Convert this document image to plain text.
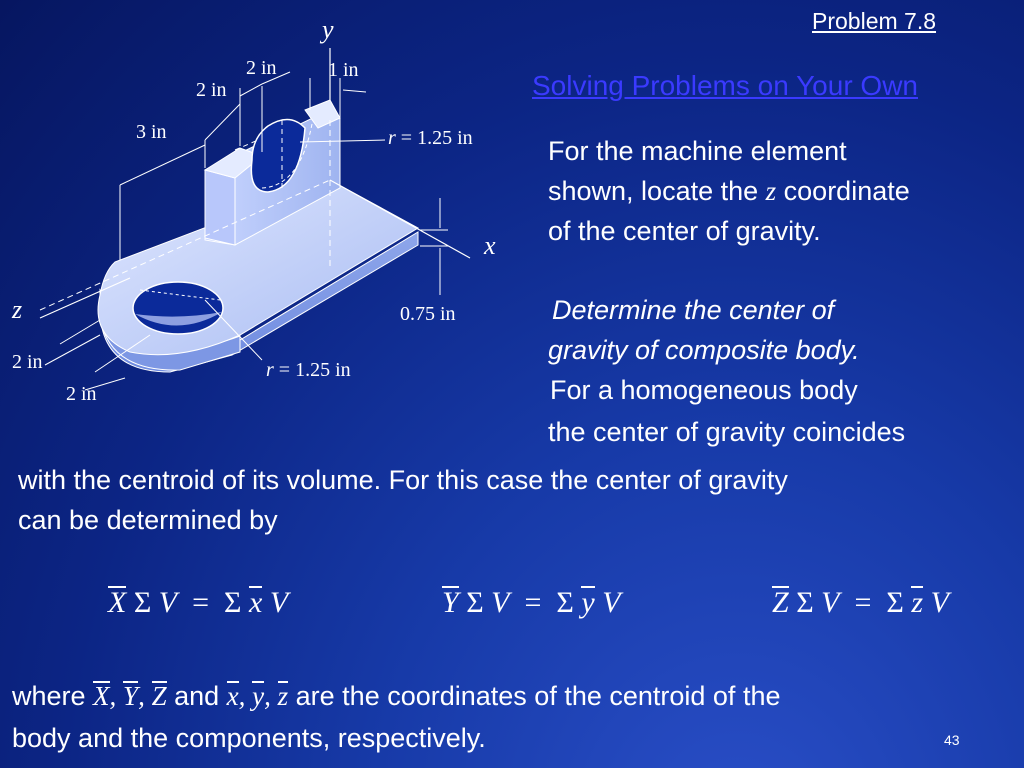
Problem 7.8
Solving Problems on Your Own
y
x
z
2 in	1 in
2 in
3 in	r = 1.25 in
0.75 in
2 in
2 in
r = 1.25 in
For the machine element
shown, locate the z coordinate
of the center of gravity.
Determine the center of
gravity of composite body.
For a homogeneous body
the center of gravity coincides
with the centroid of its volume. For this case the center of gravity
can be determined by
X Σ V = Σ x V	Y Σ V = Σ y V	Z Σ V = Σ z V
where X, Y, Z and x, y, z are the coordinates of the centroid of the
body and the components, respectively.	43
